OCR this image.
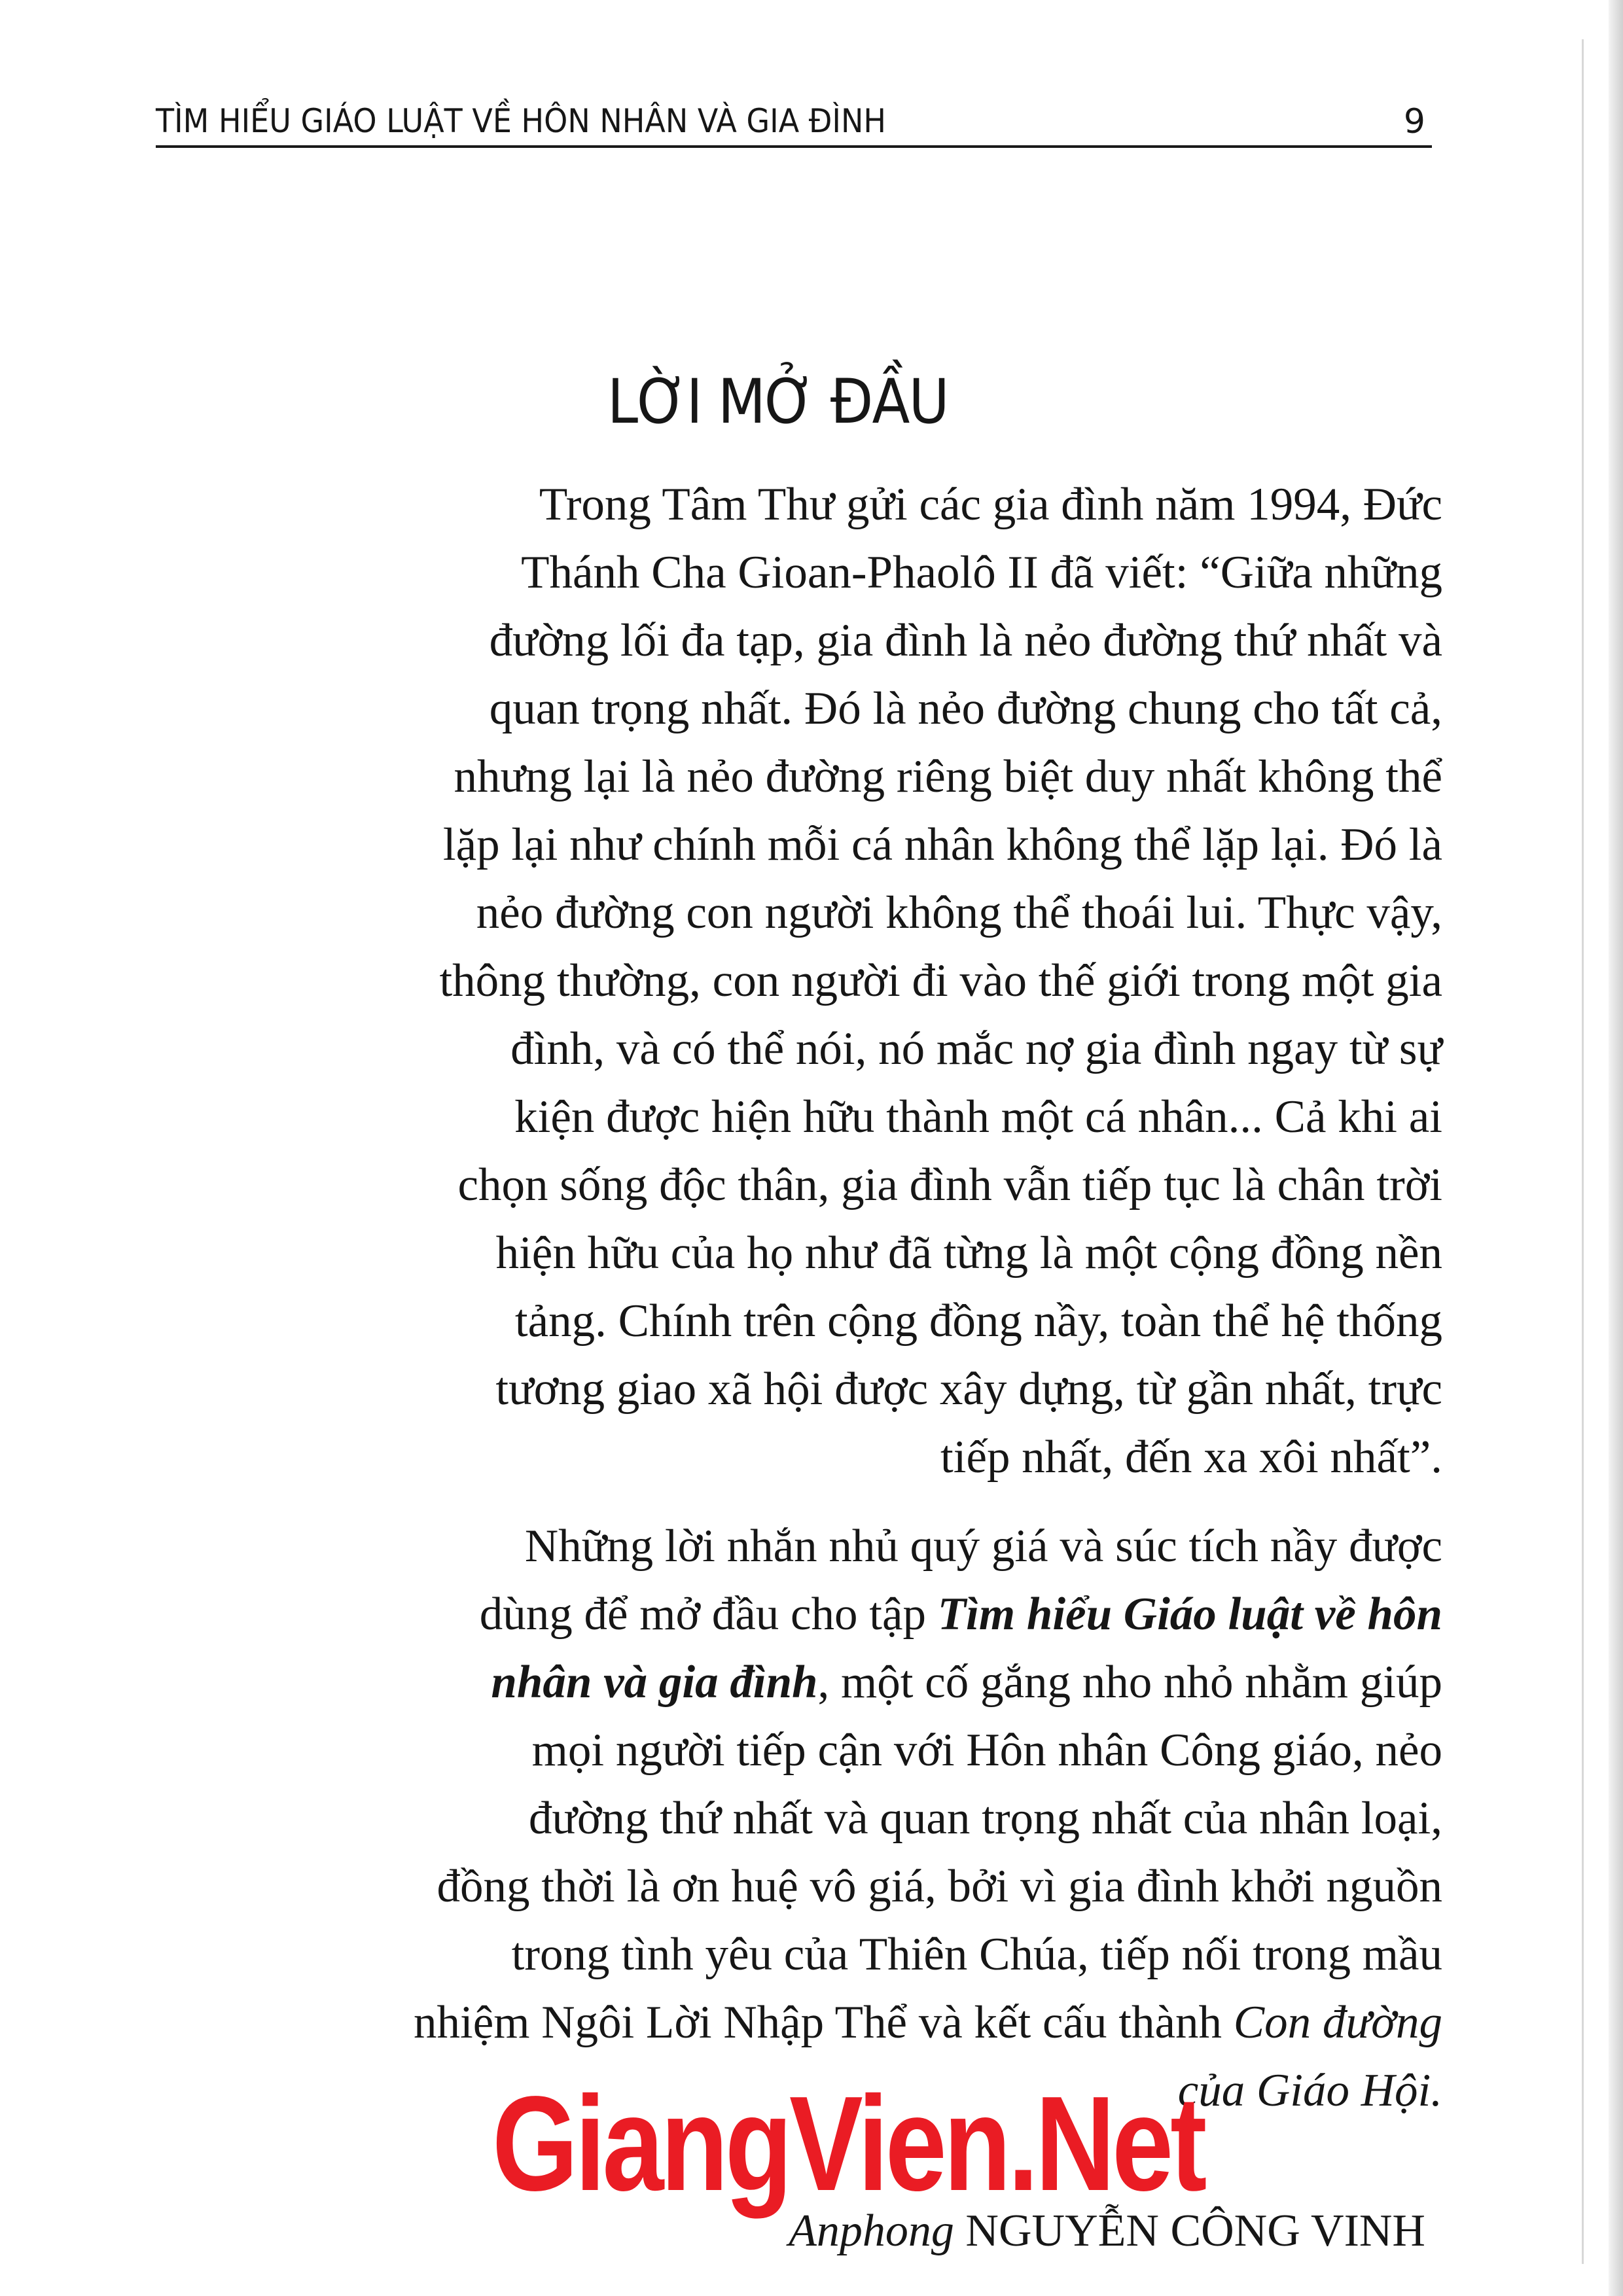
TÌM HIỂU GIÁO LUẬT VỀ HÔN NHÂN VÀ GIA ĐÌNH	9
LỜI MỞ ĐẦU
Trong Tâm Thư gửi các gia đình năm 1994, Đức
Thánh Cha Gioan-Phaolô II đã viết: “Giữa những
đường lối đa tạp, gia đình là nẻo đường thứ nhất và
quan trọng nhất. Đó là nẻo đường chung cho tất cả,
nhưng lại là nẻo đường riêng biệt duy nhất không thể
lặp lại như chính mỗi cá nhân không thể lặp lại. Đó là
nẻo đường con người không thể thoái lui. Thực vậy,
thông thường, con người đi vào thế giới trong một gia
đình, và có thể nói, nó mắc nợ gia đình ngay từ sự
kiện được hiện hữu thành một cá nhân... Cả khi ai
chọn sống độc thân, gia đình vẫn tiếp tục là chân trời
hiện hữu của họ như đã từng là một cộng đồng nền
tảng. Chính trên cộng đồng nầy, toàn thể hệ thống
tương giao xã hội được xây dựng, từ gần nhất, trực
tiếp nhất, đến xa xôi nhất”.
Những lời nhắn nhủ quý giá và súc tích nầy được
dùng để mở đầu cho tập Tìm hiểu Giáo luật về hôn
nhân và gia đình, một cố gắng nho nhỏ nhằm giúp
mọi người tiếp cận với Hôn nhân Công giáo, nẻo
đường thứ nhất và quan trọng nhất của nhân loại,
đồng thời là ơn huệ vô giá, bởi vì gia đình khởi nguồn
trong tình yêu của Thiên Chúa, tiếp nối trong mầu
nhiệm Ngôi Lời Nhập Thể và kết cấu thành Con đường
của Giáo Hội.
GiangVien.Net
Anphong NGUYỄN CÔNG VINH
